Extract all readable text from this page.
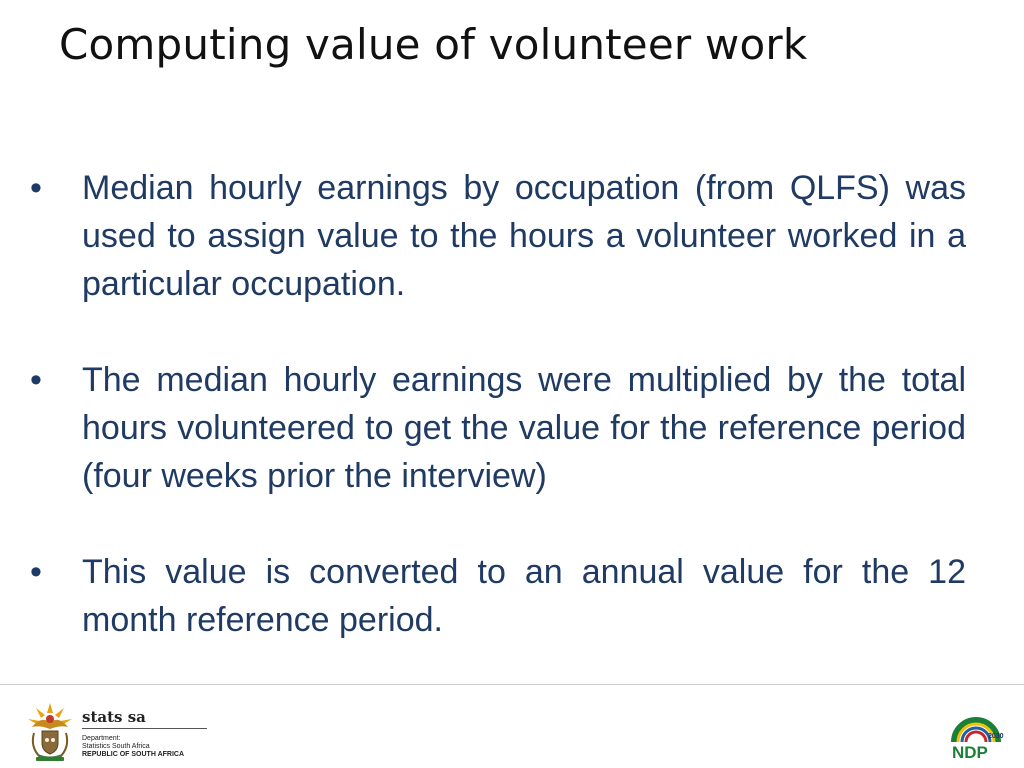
Computing value of volunteer work
•	Median hourly earnings by occupation (from QLFS) was used to assign value to the hours a volunteer worked in a particular occupation.
•	The median hourly earnings were multiplied by the total hours volunteered to get the value for the reference period (four weeks prior the interview)
•	This value is converted to an annual value for the 12 month reference period.
stats sa
Department:
Statistics South Africa
REPUBLIC OF SOUTH AFRICA
2030
NDP
